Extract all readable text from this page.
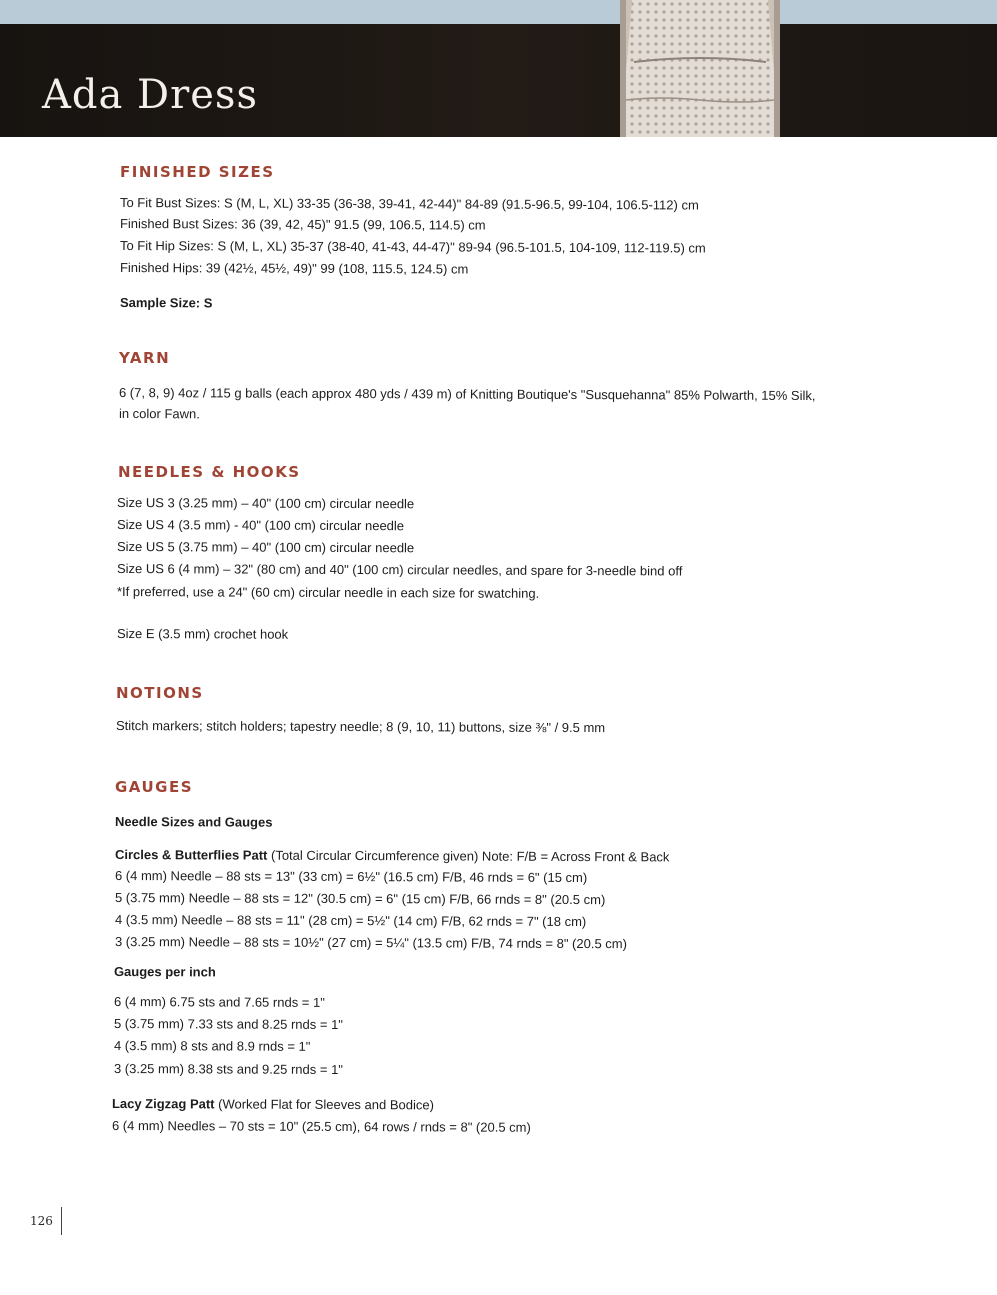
Ada Dress
FINISHED SIZES

To Fit Bust Sizes: S (M, L, XL) 33-35 (36-38, 39-41, 42-44)" 84-89 (91.5-96.5, 99-104, 106.5-112) cm

Finished Bust Sizes: 36 (39, 42, 45)" 91.5 (99, 106.5, 114.5) cm

To Fit Hip Sizes: S (M, L, XL) 35-37 (38-40, 41-43, 44-47)" 89-94 (96.5-101.5, 104-109, 112-119.5) cm

Finished Hips: 39 (42½, 45½, 49)" 99 (108, 115.5, 124.5) cm

Sample Size: S

YARN

6 (7, 8, 9) 4oz / 115 g balls (each approx 480 yds / 439 m) of Knitting Boutique's "Susquehanna" 85% Polwarth, 15% Silk,

in color Fawn.

NEEDLES & HOOKS

Size US 3 (3.25 mm) – 40" (100 cm) circular needle

Size US 4 (3.5 mm) - 40" (100 cm) circular needle

Size US 5 (3.75 mm) – 40" (100 cm) circular needle

Size US 6 (4 mm) – 32" (80 cm) and 40" (100 cm) circular needles, and spare for 3-needle bind off

*If preferred, use a 24" (60 cm) circular needle in each size for swatching.

Size E (3.5 mm) crochet hook

NOTIONS

Stitch markers; stitch holders; tapestry needle; 8 (9, 10, 11) buttons, size ⅜" / 9.5 mm

GAUGES

Needle Sizes and Gauges

Circles & Butterflies Patt (Total Circular Circumference given) Note: F/B = Across Front & Back

6 (4 mm) Needle – 88 sts = 13" (33 cm) = 6½" (16.5 cm) F/B, 46 rnds = 6" (15 cm)

5 (3.75 mm) Needle – 88 sts = 12" (30.5 cm) = 6" (15 cm) F/B, 66 rnds = 8" (20.5 cm)

4 (3.5 mm) Needle – 88 sts = 11" (28 cm) = 5½" (14 cm) F/B, 62 rnds = 7" (18 cm)

3 (3.25 mm) Needle – 88 sts = 10½" (27 cm) = 5¼" (13.5 cm) F/B, 74 rnds = 8" (20.5 cm)

Gauges per inch

6 (4 mm) 6.75 sts and 7.65 rnds = 1"

5 (3.75 mm) 7.33 sts and 8.25 rnds = 1"

4 (3.5 mm) 8 sts and 8.9 rnds = 1"

3 (3.25 mm) 8.38 sts and 9.25 rnds = 1"

Lacy Zigzag Patt (Worked Flat for Sleeves and Bodice)

6 (4 mm) Needles – 70 sts = 10" (25.5 cm), 64 rows / rnds = 8" (20.5 cm)

126
